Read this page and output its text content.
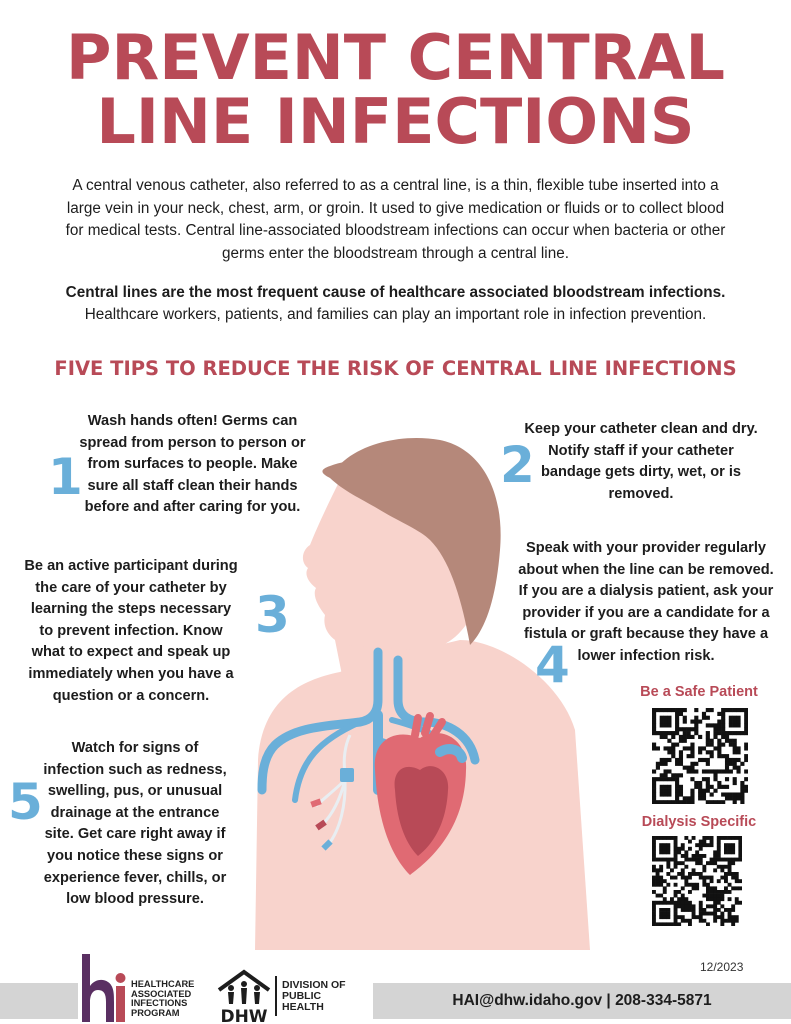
PREVENT CENTRAL
LINE INFECTIONS
A central venous catheter, also referred to as a central line, is a thin, flexible tube inserted into a
large vein in your neck, chest, arm, or groin. It used to give medication or fluids or to collect blood
for medical tests. Central line-associated bloodstream infections can occur when bacteria or other
germs enter the bloodstream through a central line.
Central lines are the most frequent cause of healthcare associated bloodstream infections.
Healthcare workers, patients, and families can play an important role in infection prevention.
FIVE TIPS TO REDUCE THE RISK OF CENTRAL LINE INFECTIONS
1
Wash hands often! Germs can
spread from person to person or
from surfaces to people. Make
sure all staff clean their hands
before and after caring for you.
2
Keep your catheter clean and dry.
Notify staff if your catheter
bandage gets dirty, wet, or is
removed.
3
Be an active participant during
the care of your catheter by
learning the steps necessary
to prevent infection. Know
what to expect and speak up
immediately when you have a
question or a concern.
4
Speak with your provider regularly
about when the line can be removed.
If you are a dialysis patient, ask your
provider if you are a candidate for a
fistula or graft because they have a
lower infection risk.
5
Watch for signs of
infection such as redness,
swelling, pus, or unusual
drainage at the entrance
site. Get care right away if
you notice these signs or
experience fever, chills, or
low blood pressure.
Be a Safe Patient
Dialysis Specific
12/2023
HEALTHCARE
ASSOCIATED
INFECTIONS
PROGRAM	DHW
DIVISION OF
PUBLIC
HEALTH	HAI@dhw.idaho.gov | 208-334-5871
